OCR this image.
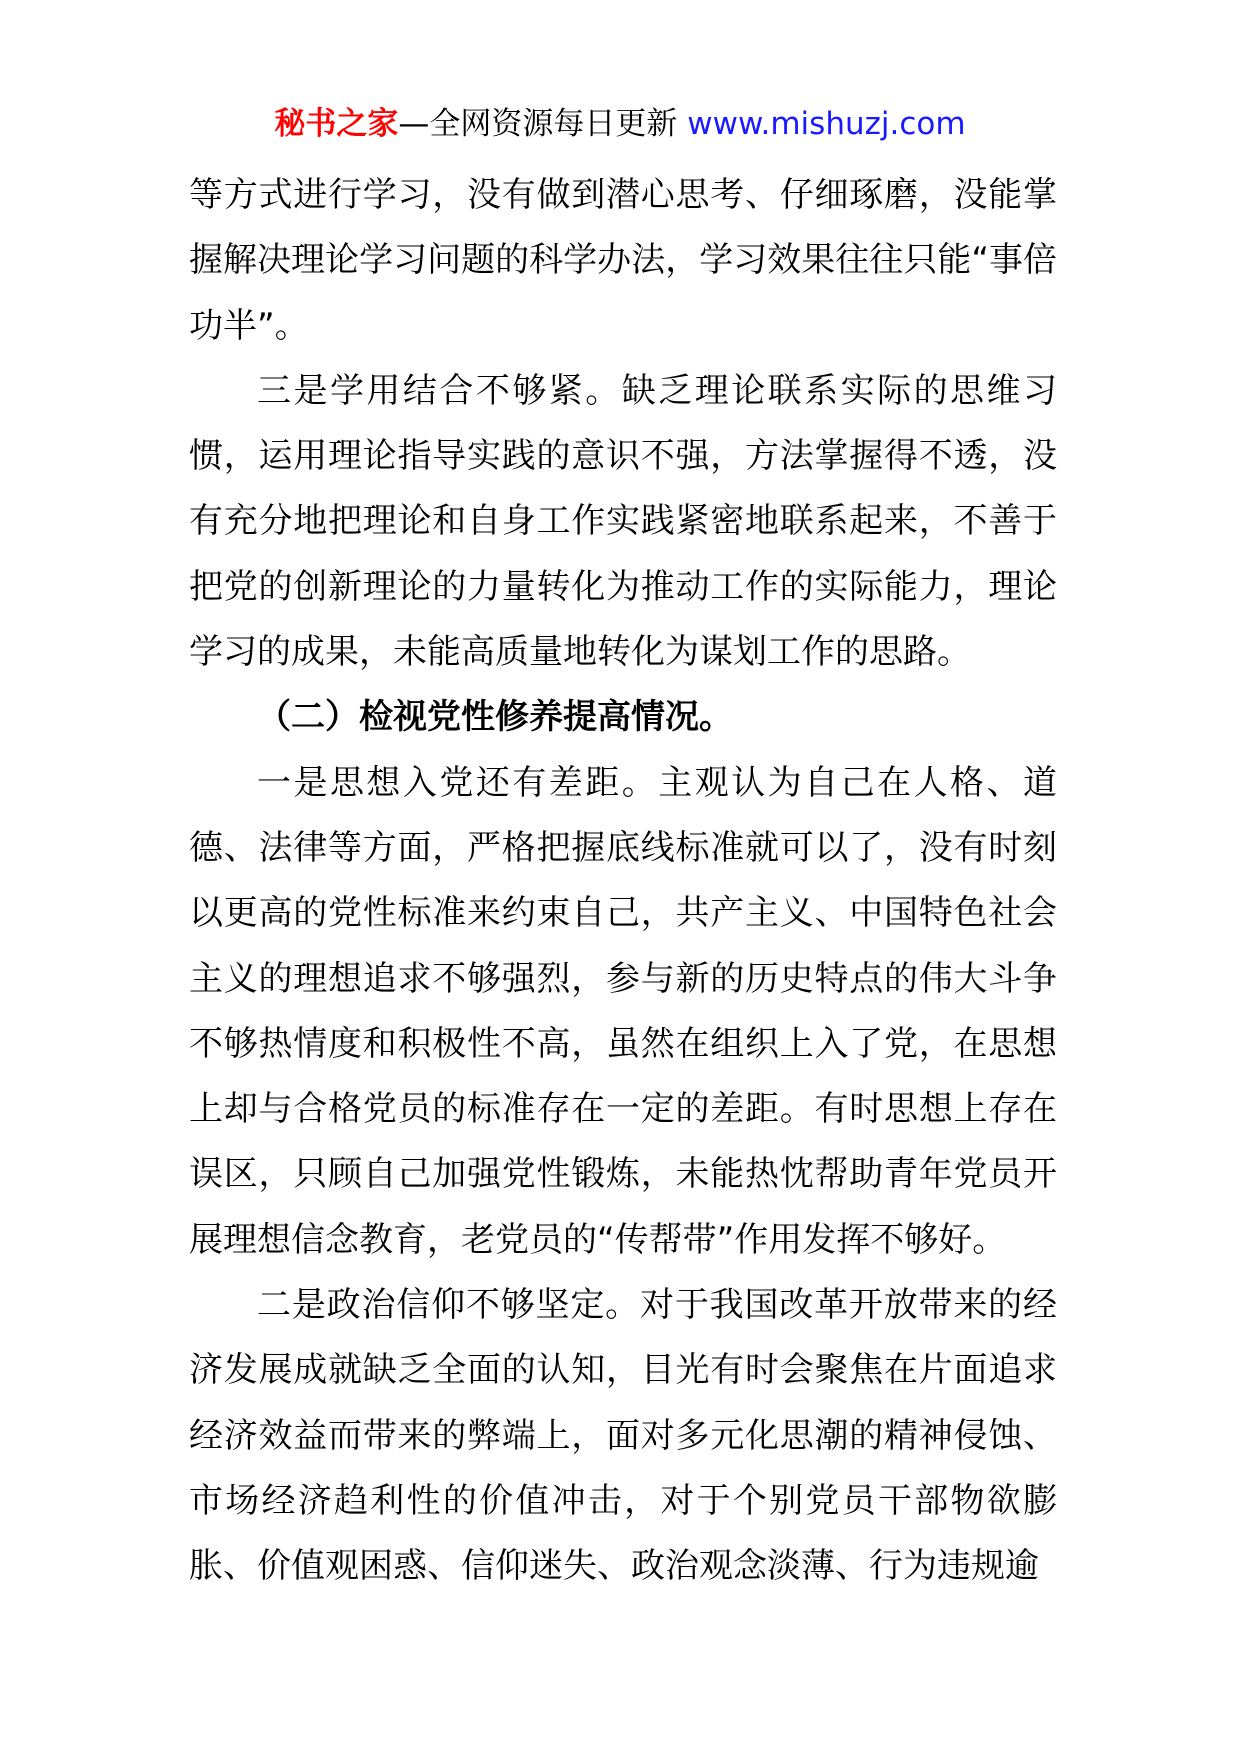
秘书之家—全网资源每日更新 www.mishuzj.com

等方式进行学习，没有做到潜心思考、仔细琢磨，没能掌握解决理论学习问题的科学办法，学习效果往往只能“事倍功半”。

三是学用结合不够紧。缺乏理论联系实际的思维习惯，运用理论指导实践的意识不强，方法掌握得不透，没有充分地把理论和自身工作实践紧密地联系起来，不善于把党的创新理论的力量转化为推动工作的实际能力，理论学习的成果，未能高质量地转化为谋划工作的思路。

（二）检视党性修养提高情况。

一是思想入党还有差距。主观认为自己在人格、道德、法律等方面，严格把握底线标准就可以了，没有时刻以更高的党性标准来约束自己，共产主义、中国特色社会主义的理想追求不够强烈，参与新的历史特点的伟大斗争不够热情度和积极性不高，虽然在组织上入了党，在思想上却与合格党员的标准存在一定的差距。有时思想上存在误区，只顾自己加强党性锻炼，未能热忱帮助青年党员开展理想信念教育，老党员的“传帮带”作用发挥不够好。

二是政治信仰不够坚定。对于我国改革开放带来的经济发展成就缺乏全面的认知，目光有时会聚焦在片面追求经济效益而带来的弊端上，面对多元化思潮的精神侵蚀、市场经济趋利性的价值冲击，对于个别党员干部物欲膨胀、价值观困惑、信仰迷失、政治观念淡薄、行为违规逾
